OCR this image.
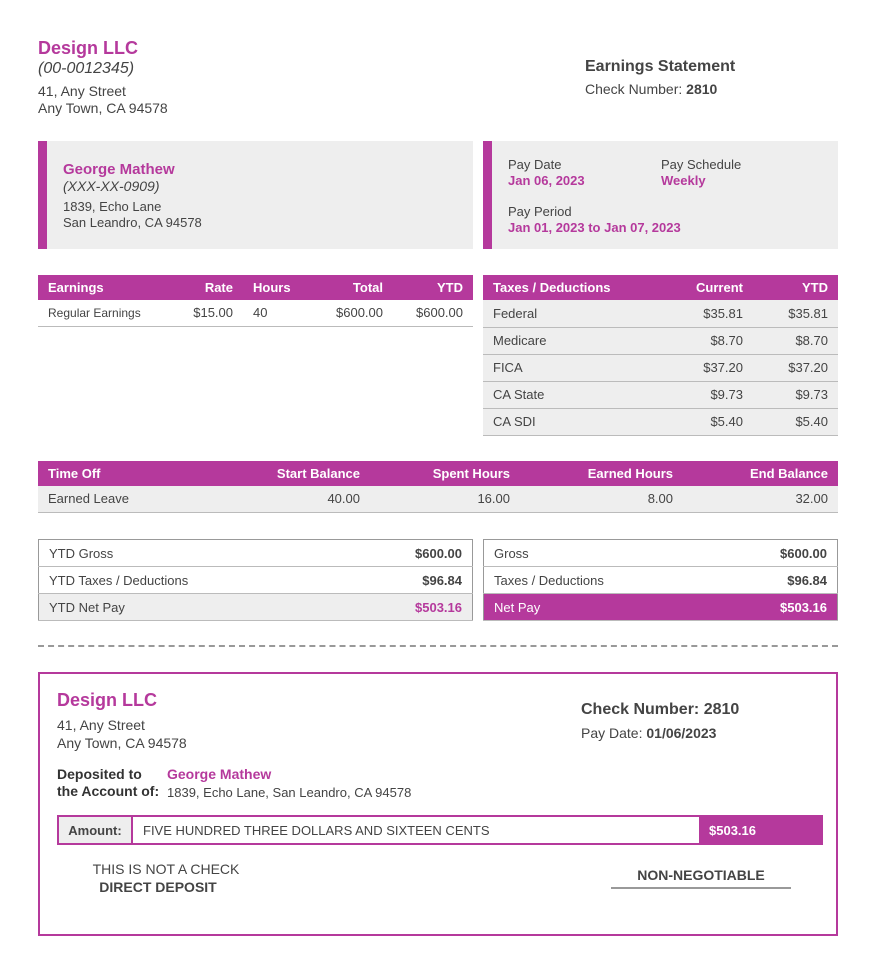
Design LLC
(00-0012345)
41, Any Street
Any Town, CA 94578
Earnings Statement
Check Number: 2810
George Mathew
(XXX-XX-0909)
1839, Echo Lane
San Leandro, CA 94578
Pay Date
Jan 06, 2023
Pay Schedule
Weekly
Pay Period
Jan 01, 2023 to Jan 07, 2023
Earnings	Rate	Hours	Total	YTD
Regular Earnings	$15.00	40	$600.00	$600.00
Taxes / Deductions	Current	YTD
Federal	$35.81	$35.81
Medicare	$8.70	$8.70
FICA	$37.20	$37.20
CA State	$9.73	$9.73
CA SDI	$5.40	$5.40
Time Off	Start Balance	Spent Hours	Earned Hours	End Balance
Earned Leave	40.00	16.00	8.00	32.00
YTD Gross	$600.00
YTD Taxes / Deductions	$96.84
YTD Net Pay	$503.16
Gross	$600.00
Taxes / Deductions	$96.84
Net Pay	$503.16
Design LLC
41, Any Street
Any Town, CA 94578
Check Number: 2810
Pay Date: 01/06/2023
Deposited to
the Account of:
George Mathew
1839, Echo Lane, San Leandro, CA 94578
Amount:	FIVE HUNDRED THREE DOLLARS AND SIXTEEN CENTS	$503.16
THIS IS NOT A CHECK
DIRECT DEPOSIT
NON-NEGOTIABLE
